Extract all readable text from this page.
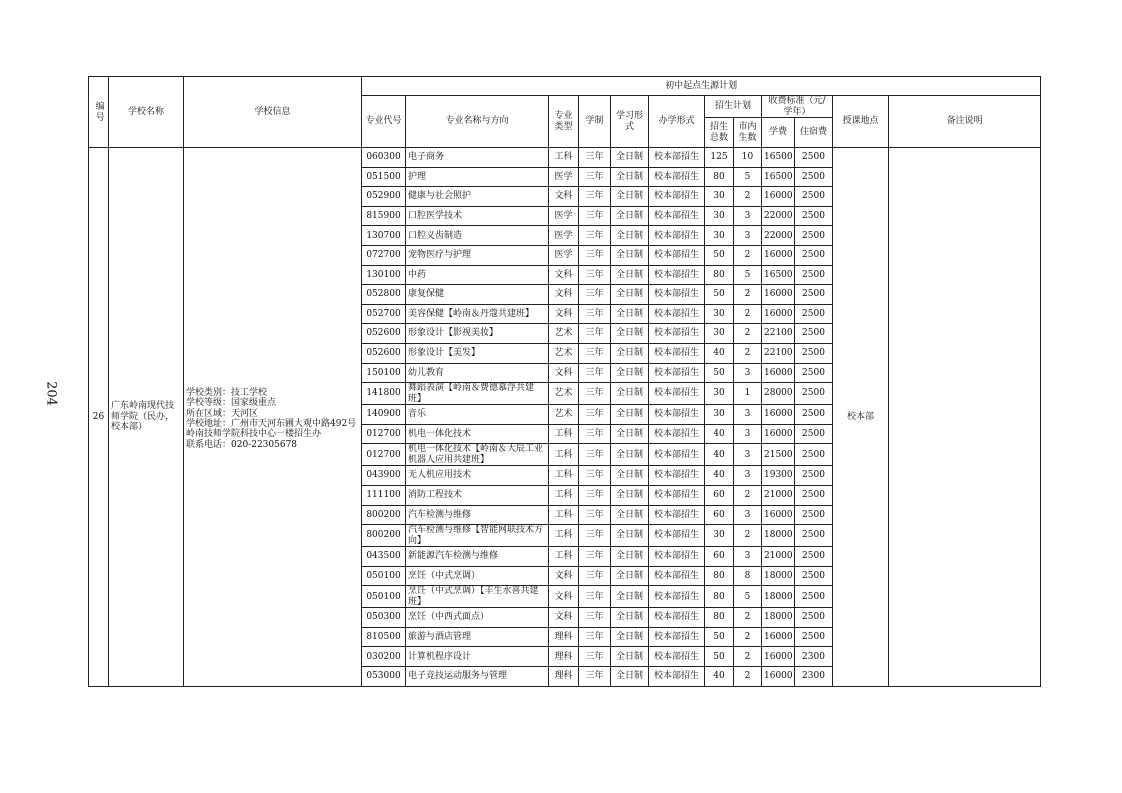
204
编号	学校名称	学校信息	初中起点生源计划											
			专业代号	专业名称与方向	专业类型	学制	学习形式	办学形式	招生计划		收费标准（元/学年）		授课地点	备注说明
									招生总数	市内生数	学费	住宿费		
26	广东岭南现代技师学院（民办，校本部）	学校类别：技工学校
学校等级：国家级重点
所在区域：天河区
学校地址：广州市天河东圃大观中路492号岭南技师学院科技中心一楼招生办
联系电话：020-22305678	060300	电子商务	工科	三年	全日制	校本部招生	125	10	16500	2500	校本部	
			051500	护理	医学	三年	全日制	校本部招生	80	5	16500	2500		
			052900	健康与社会照护	文科	三年	全日制	校本部招生	30	2	16000	2500		
			815900	口腔医学技术	医学	三年	全日制	校本部招生	30	3	22000	2500		
			130700	口腔义齿制造	医学	三年	全日制	校本部招生	30	3	22000	2500		
			072700	宠物医疗与护理	医学	三年	全日制	校本部招生	50	2	16000	2500		
			130100	中药	文科	三年	全日制	校本部招生	80	5	16500	2500		
			052800	康复保健	文科	三年	全日制	校本部招生	50	2	16000	2500		
			052700	美容保健【岭南＆丹蔻共建班】	文科	三年	全日制	校本部招生	30	2	16000	2500		
			052600	形象设计【影视美妆】	艺术	三年	全日制	校本部招生	30	2	22100	2500		
			052600	形象设计【美发】	艺术	三年	全日制	校本部招生	40	2	22100	2500		
			150100	幼儿教育	文科	三年	全日制	校本部招生	50	3	16000	2500		
			141800	舞蹈表演【岭南＆费德慕浮共建班】	艺术	三年	全日制	校本部招生	30	1	28000	2500		
			140900	音乐	艺术	三年	全日制	校本部招生	30	3	16000	2500		
			012700	机电一体化技术	工科	三年	全日制	校本部招生	40	3	16000	2500		
			012700	机电一体化技术【岭南＆大辰工业机器人应用共建班】	工科	三年	全日制	校本部招生	40	3	21500	2500		
			043900	无人机应用技术	工科	三年	全日制	校本部招生	40	3	19300	2500		
			111100	消防工程技术	工科	三年	全日制	校本部招生	60	2	21000	2500		
			800200	汽车检测与维修	工科	三年	全日制	校本部招生	60	3	16000	2500		
			800200	汽车检测与维修【智能网联技术方向】	工科	三年	全日制	校本部招生	30	2	18000	2500		
			043500	新能源汽车检测与维修	工科	三年	全日制	校本部招生	60	3	21000	2500		
			050100	烹饪（中式烹调）	文科	三年	全日制	校本部招生	80	8	18000	2500		
			050100	烹饪（中式烹调）【丰生水喜共建班】	文科	三年	全日制	校本部招生	80	5	18000	2500		
			050300	烹饪（中西式面点）	文科	三年	全日制	校本部招生	80	2	18000	2500		
			810500	旅游与酒店管理	理科	三年	全日制	校本部招生	50	2	16000	2500		
			030200	计算机程序设计	理科	三年	全日制	校本部招生	50	2	16000	2300		
			053000	电子竞技运动服务与管理	理科	三年	全日制	校本部招生	40	2	16000	2300		
